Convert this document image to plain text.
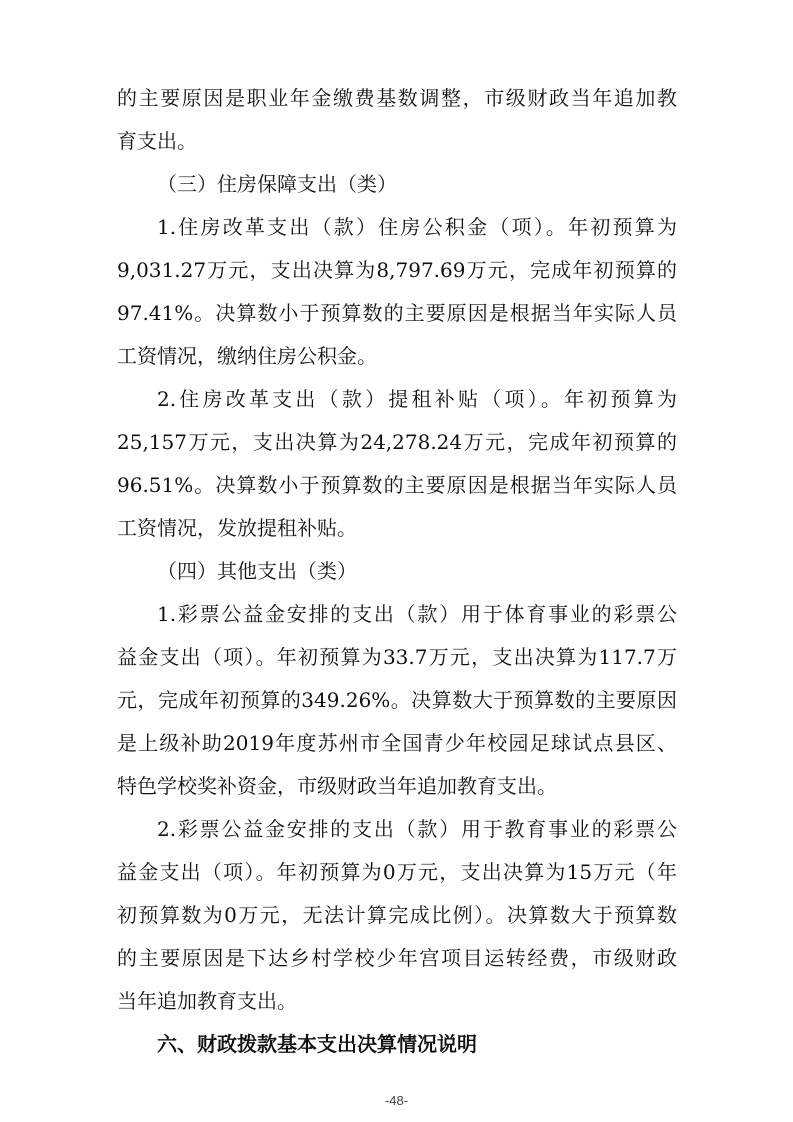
的主要原因是职业年金缴费基数调整，市级财政当年追加教
育支出。
（三）住房保障支出（类）
1.住房改革支出（款）住房公积金（项）。年初预算为
9,031.27万元，支出决算为8,797.69万元，完成年初预算的
97.41%。决算数小于预算数的主要原因是根据当年实际人员
工资情况，缴纳住房公积金。
2.住房改革支出（款）提租补贴（项）。年初预算为
25,157万元，支出决算为24,278.24万元，完成年初预算的
96.51%。决算数小于预算数的主要原因是根据当年实际人员
工资情况，发放提租补贴。
（四）其他支出（类）
1.彩票公益金安排的支出（款）用于体育事业的彩票公
益金支出（项）。年初预算为33.7万元，支出决算为117.7万
元，完成年初预算的349.26%。决算数大于预算数的主要原因
是上级补助2019年度苏州市全国青少年校园足球试点县区、
特色学校奖补资金，市级财政当年追加教育支出。
2.彩票公益金安排的支出（款）用于教育事业的彩票公
益金支出（项）。年初预算为0万元，支出决算为15万元（年
初预算数为0万元，无法计算完成比例）。决算数大于预算数
的主要原因是下达乡村学校少年宫项目运转经费，市级财政
当年追加教育支出。
六、财政拨款基本支出决算情况说明
-48-
